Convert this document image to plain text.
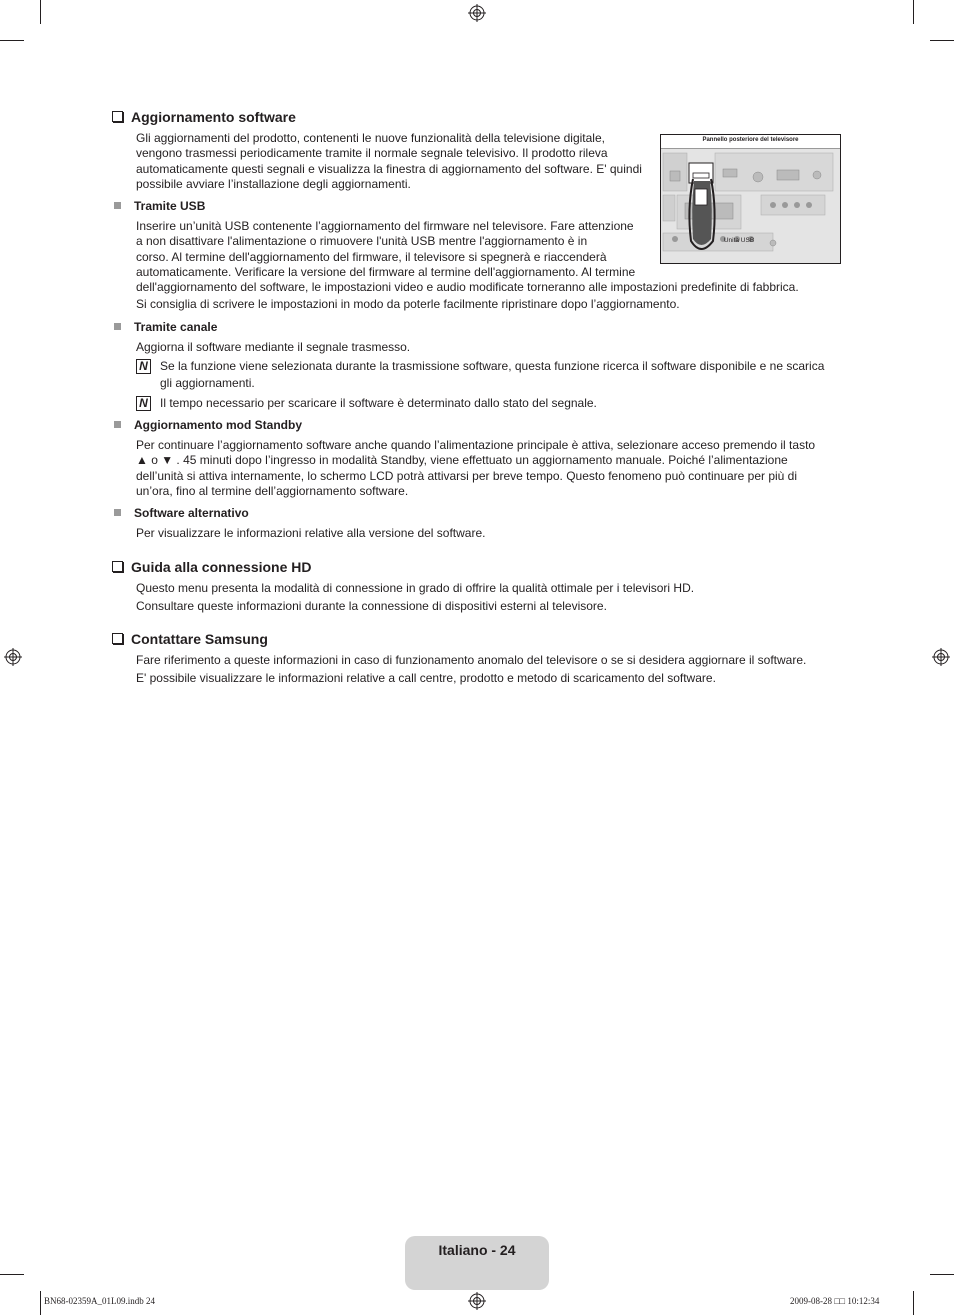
Aggiornamento software
Gli aggiornamenti del prodotto, contenenti le nuove funzionalità della televisione digitale,
vengono trasmessi periodicamente tramite il normale segnale televisivo. Il prodotto rileva
automaticamente questi segnali e visualizza la finestra di aggiornamento del software. E' quindi
possibile avviare l’installazione degli aggiornamenti.
Pannello posteriore del televisore
Unità USB
Tramite USB
Inserire un’unità USB contenente l’aggiornamento del firmware nel televisore. Fare attenzione
a non disattivare l'alimentazione o rimuovere l'unità USB mentre l'aggiornamento è in
corso. Al termine dell'aggiornamento del firmware, il televisore si spegnerà e riaccenderà
automaticamente. Verificare la versione del firmware al termine dell'aggiornamento. Al termine
dell'aggiornamento del software, le impostazioni video e audio modificate torneranno alle impostazioni predefinite di fabbrica.
Si consiglia di scrivere le impostazioni in modo da poterle facilmente ripristinare dopo l’aggiornamento.
Tramite canale
Aggiorna il software mediante il segnale trasmesso.
N Se la funzione viene selezionata durante la trasmissione software, questa funzione ricerca il software disponibile e ne scarica
gli aggiornamenti.
N Il tempo necessario per scaricare il software è determinato dallo stato del segnale.
Aggiornamento mod Standby
Per continuare l’aggiornamento software anche quando l’alimentazione principale è attiva, selezionare acceso premendo il tasto
▲ o ▼ . 45 minuti dopo l’ingresso in modalità Standby, viene effettuato un aggiornamento manuale. Poiché l’alimentazione
dell’unità si attiva internamente, lo schermo LCD potrà attivarsi per breve tempo. Questo fenomeno può continuare per più di
un’ora, fino al termine dell’aggiornamento software.
Software alternativo
Per visualizzare le informazioni relative alla versione del software.
Guida alla connessione HD
Questo menu presenta la modalità di connessione in grado di offrire la qualità ottimale per i televisori HD.
Consultare queste informazioni durante la connessione di dispositivi esterni al televisore.
Contattare Samsung
Fare riferimento a queste informazioni in caso di funzionamento anomalo del televisore o se si desidera aggiornare il software.
E' possibile visualizzare le informazioni relative a call centre, prodotto e metodo di scaricamento del software.
Italiano - 24
BN68-02359A_01L09.indb 24	2009-08-28 □□ 10:12:34
